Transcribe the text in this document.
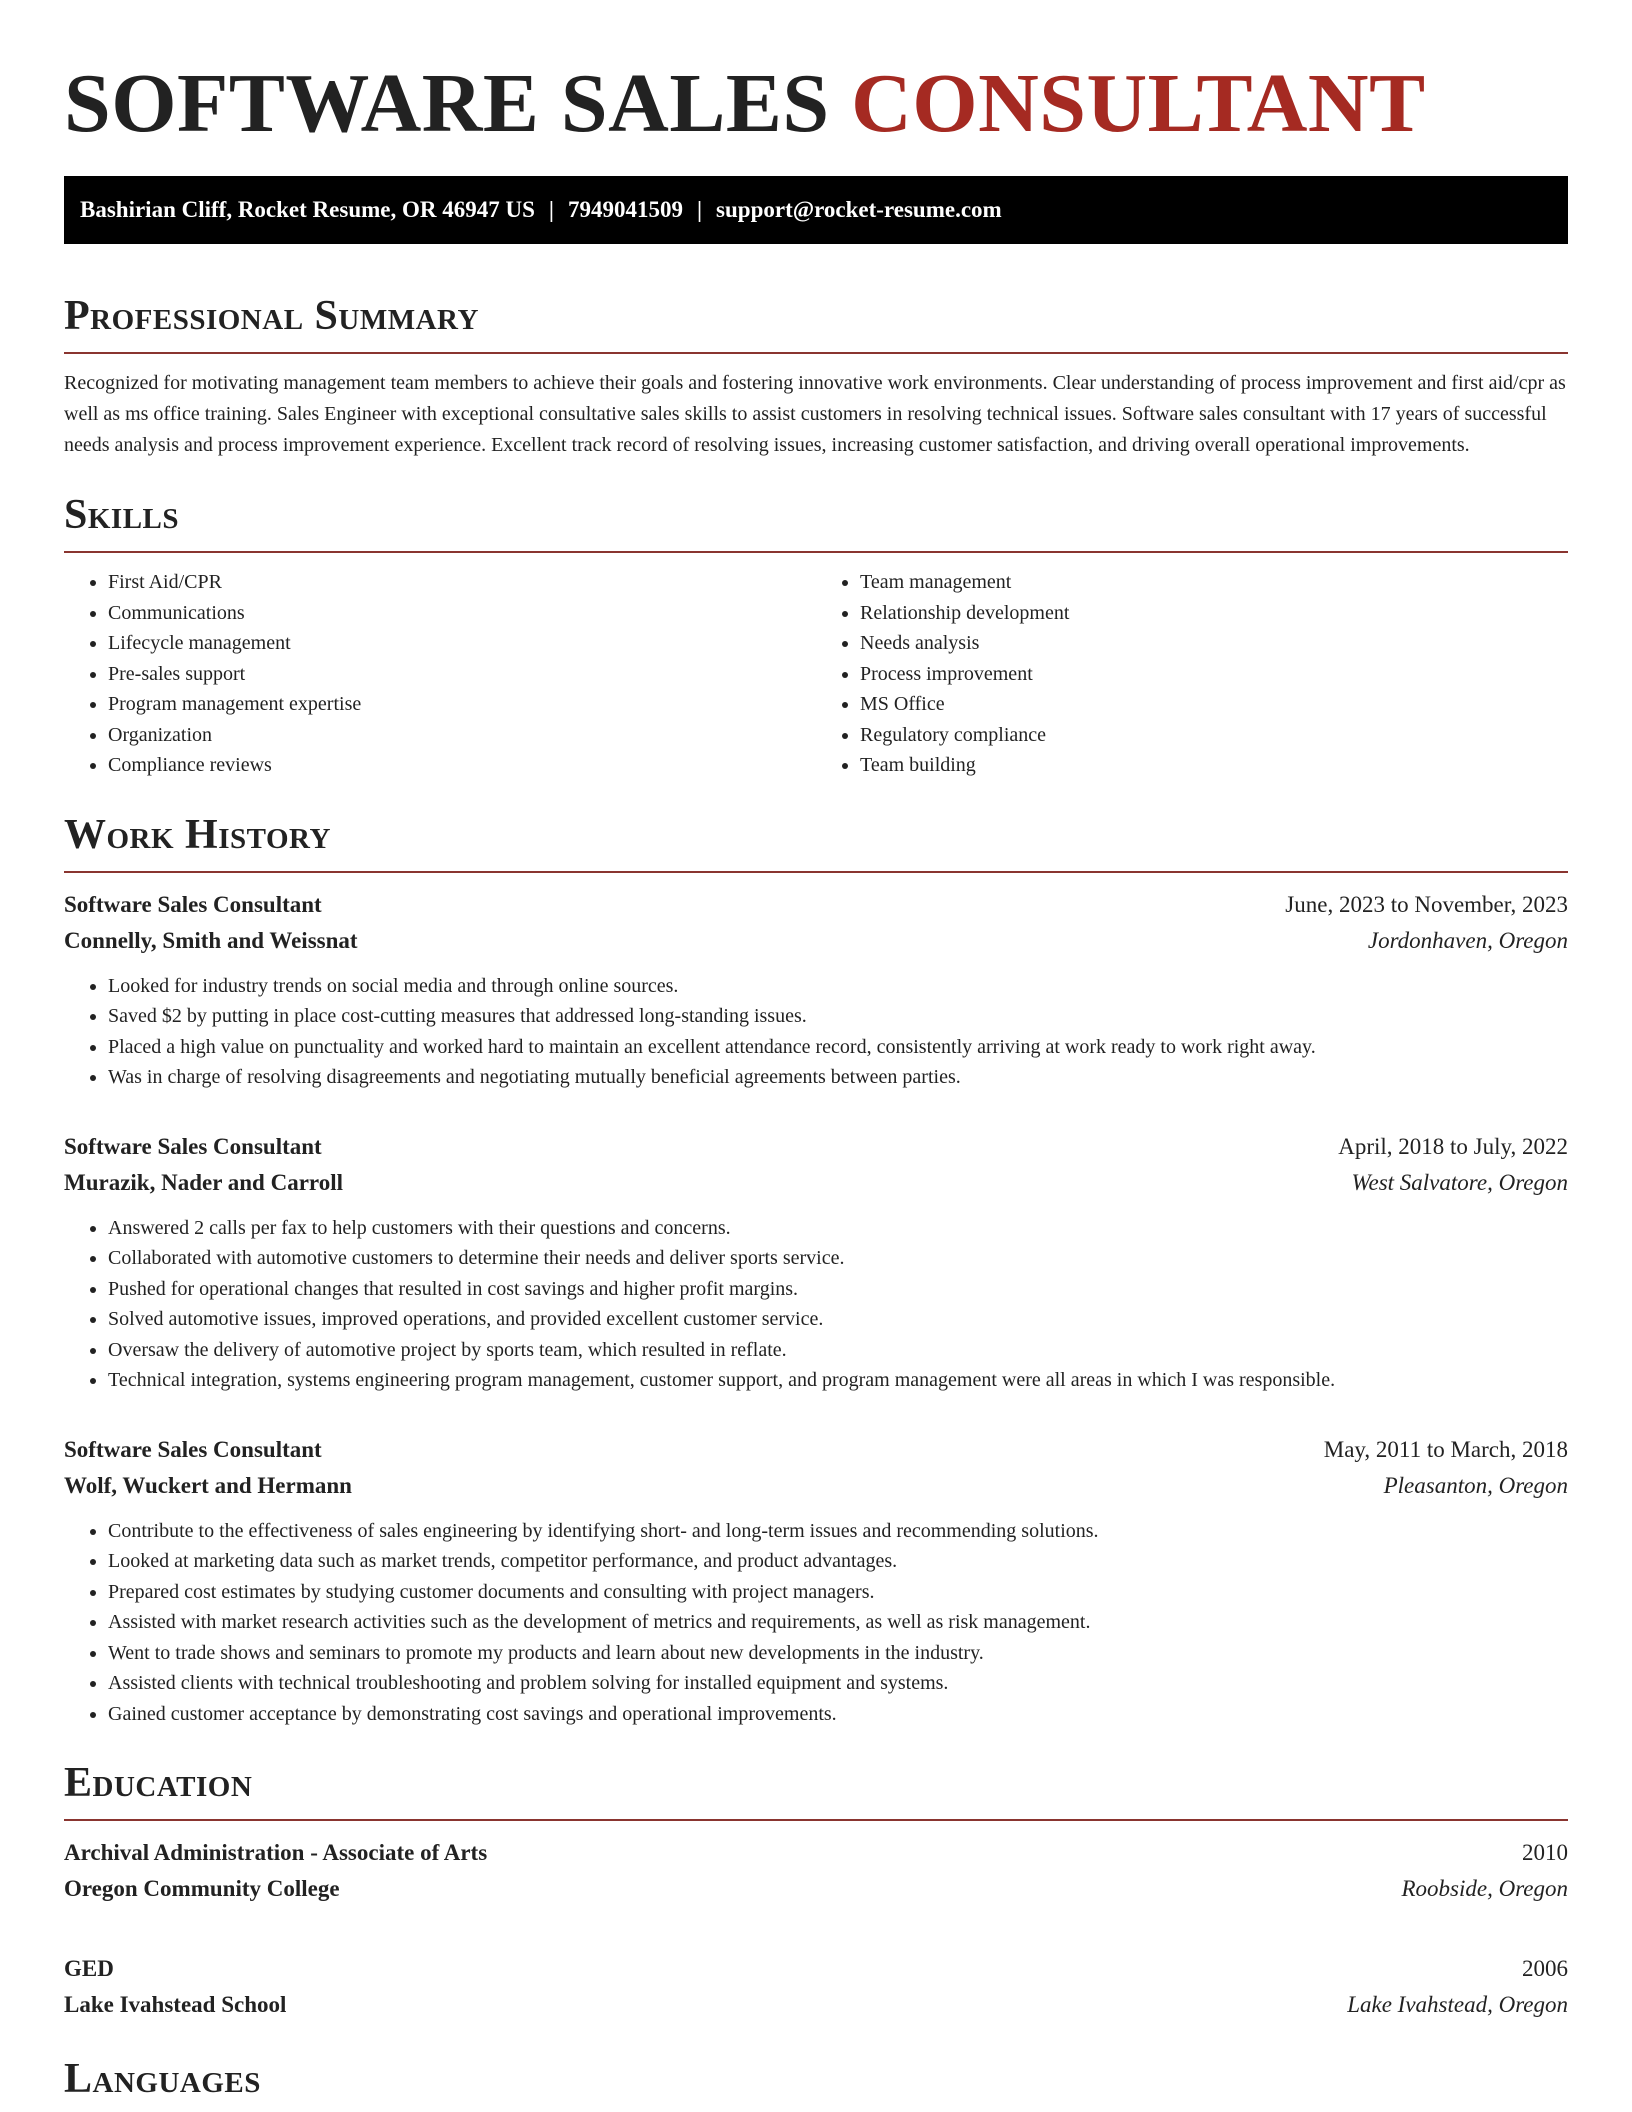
SOFTWARE SALES CONSULTANT
Bashirian Cliff, Rocket Resume, OR 46947 US | 7949041509 | support@rocket-resume.com
Professional Summary

Recognized for motivating management team members to achieve their goals and fostering innovative work environments. Clear understanding of process improvement and first aid/cpr as well as ms office training. Sales Engineer with exceptional consultative sales skills to assist customers in resolving technical issues. Software sales consultant with 17 years of successful needs analysis and process improvement experience. Excellent track record of resolving issues, increasing customer satisfaction, and driving overall operational improvements.

Skills
• First Aid/CPR
• Communications
• Lifecycle management
• Pre-sales support
• Program management expertise
• Organization
• Compliance reviews
• Team management
• Relationship development
• Needs analysis
• Process improvement
• MS Office
• Regulatory compliance
• Team building
Work History
Software Sales Consultant	June, 2023 to November, 2023
Connelly, Smith and Weissnat	Jordonhaven, Oregon
• Looked for industry trends on social media and through online sources.
• Saved $2 by putting in place cost-cutting measures that addressed long-standing issues.
• Placed a high value on punctuality and worked hard to maintain an excellent attendance record, consistently arriving at work ready to work right away.
• Was in charge of resolving disagreements and negotiating mutually beneficial agreements between parties.
Software Sales Consultant	April, 2018 to July, 2022
Murazik, Nader and Carroll	West Salvatore, Oregon
• Answered 2 calls per fax to help customers with their questions and concerns.
• Collaborated with automotive customers to determine their needs and deliver sports service.
• Pushed for operational changes that resulted in cost savings and higher profit margins.
• Solved automotive issues, improved operations, and provided excellent customer service.
• Oversaw the delivery of automotive project by sports team, which resulted in reflate.
• Technical integration, systems engineering program management, customer support, and program management were all areas in which I was responsible.
Software Sales Consultant	May, 2011 to March, 2018
Wolf, Wuckert and Hermann	Pleasanton, Oregon
• Contribute to the effectiveness of sales engineering by identifying short- and long-term issues and recommending solutions.
• Looked at marketing data such as market trends, competitor performance, and product advantages.
• Prepared cost estimates by studying customer documents and consulting with project managers.
• Assisted with market research activities such as the development of metrics and requirements, as well as risk management.
• Went to trade shows and seminars to promote my products and learn about new developments in the industry.
• Assisted clients with technical troubleshooting and problem solving for installed equipment and systems.
• Gained customer acceptance by demonstrating cost savings and operational improvements.
Education
Archival Administration - Associate of Arts	2010
Oregon Community College	Roobside, Oregon
GED	2006
Lake Ivahstead School	Lake Ivahstead, Oregon
Languages
